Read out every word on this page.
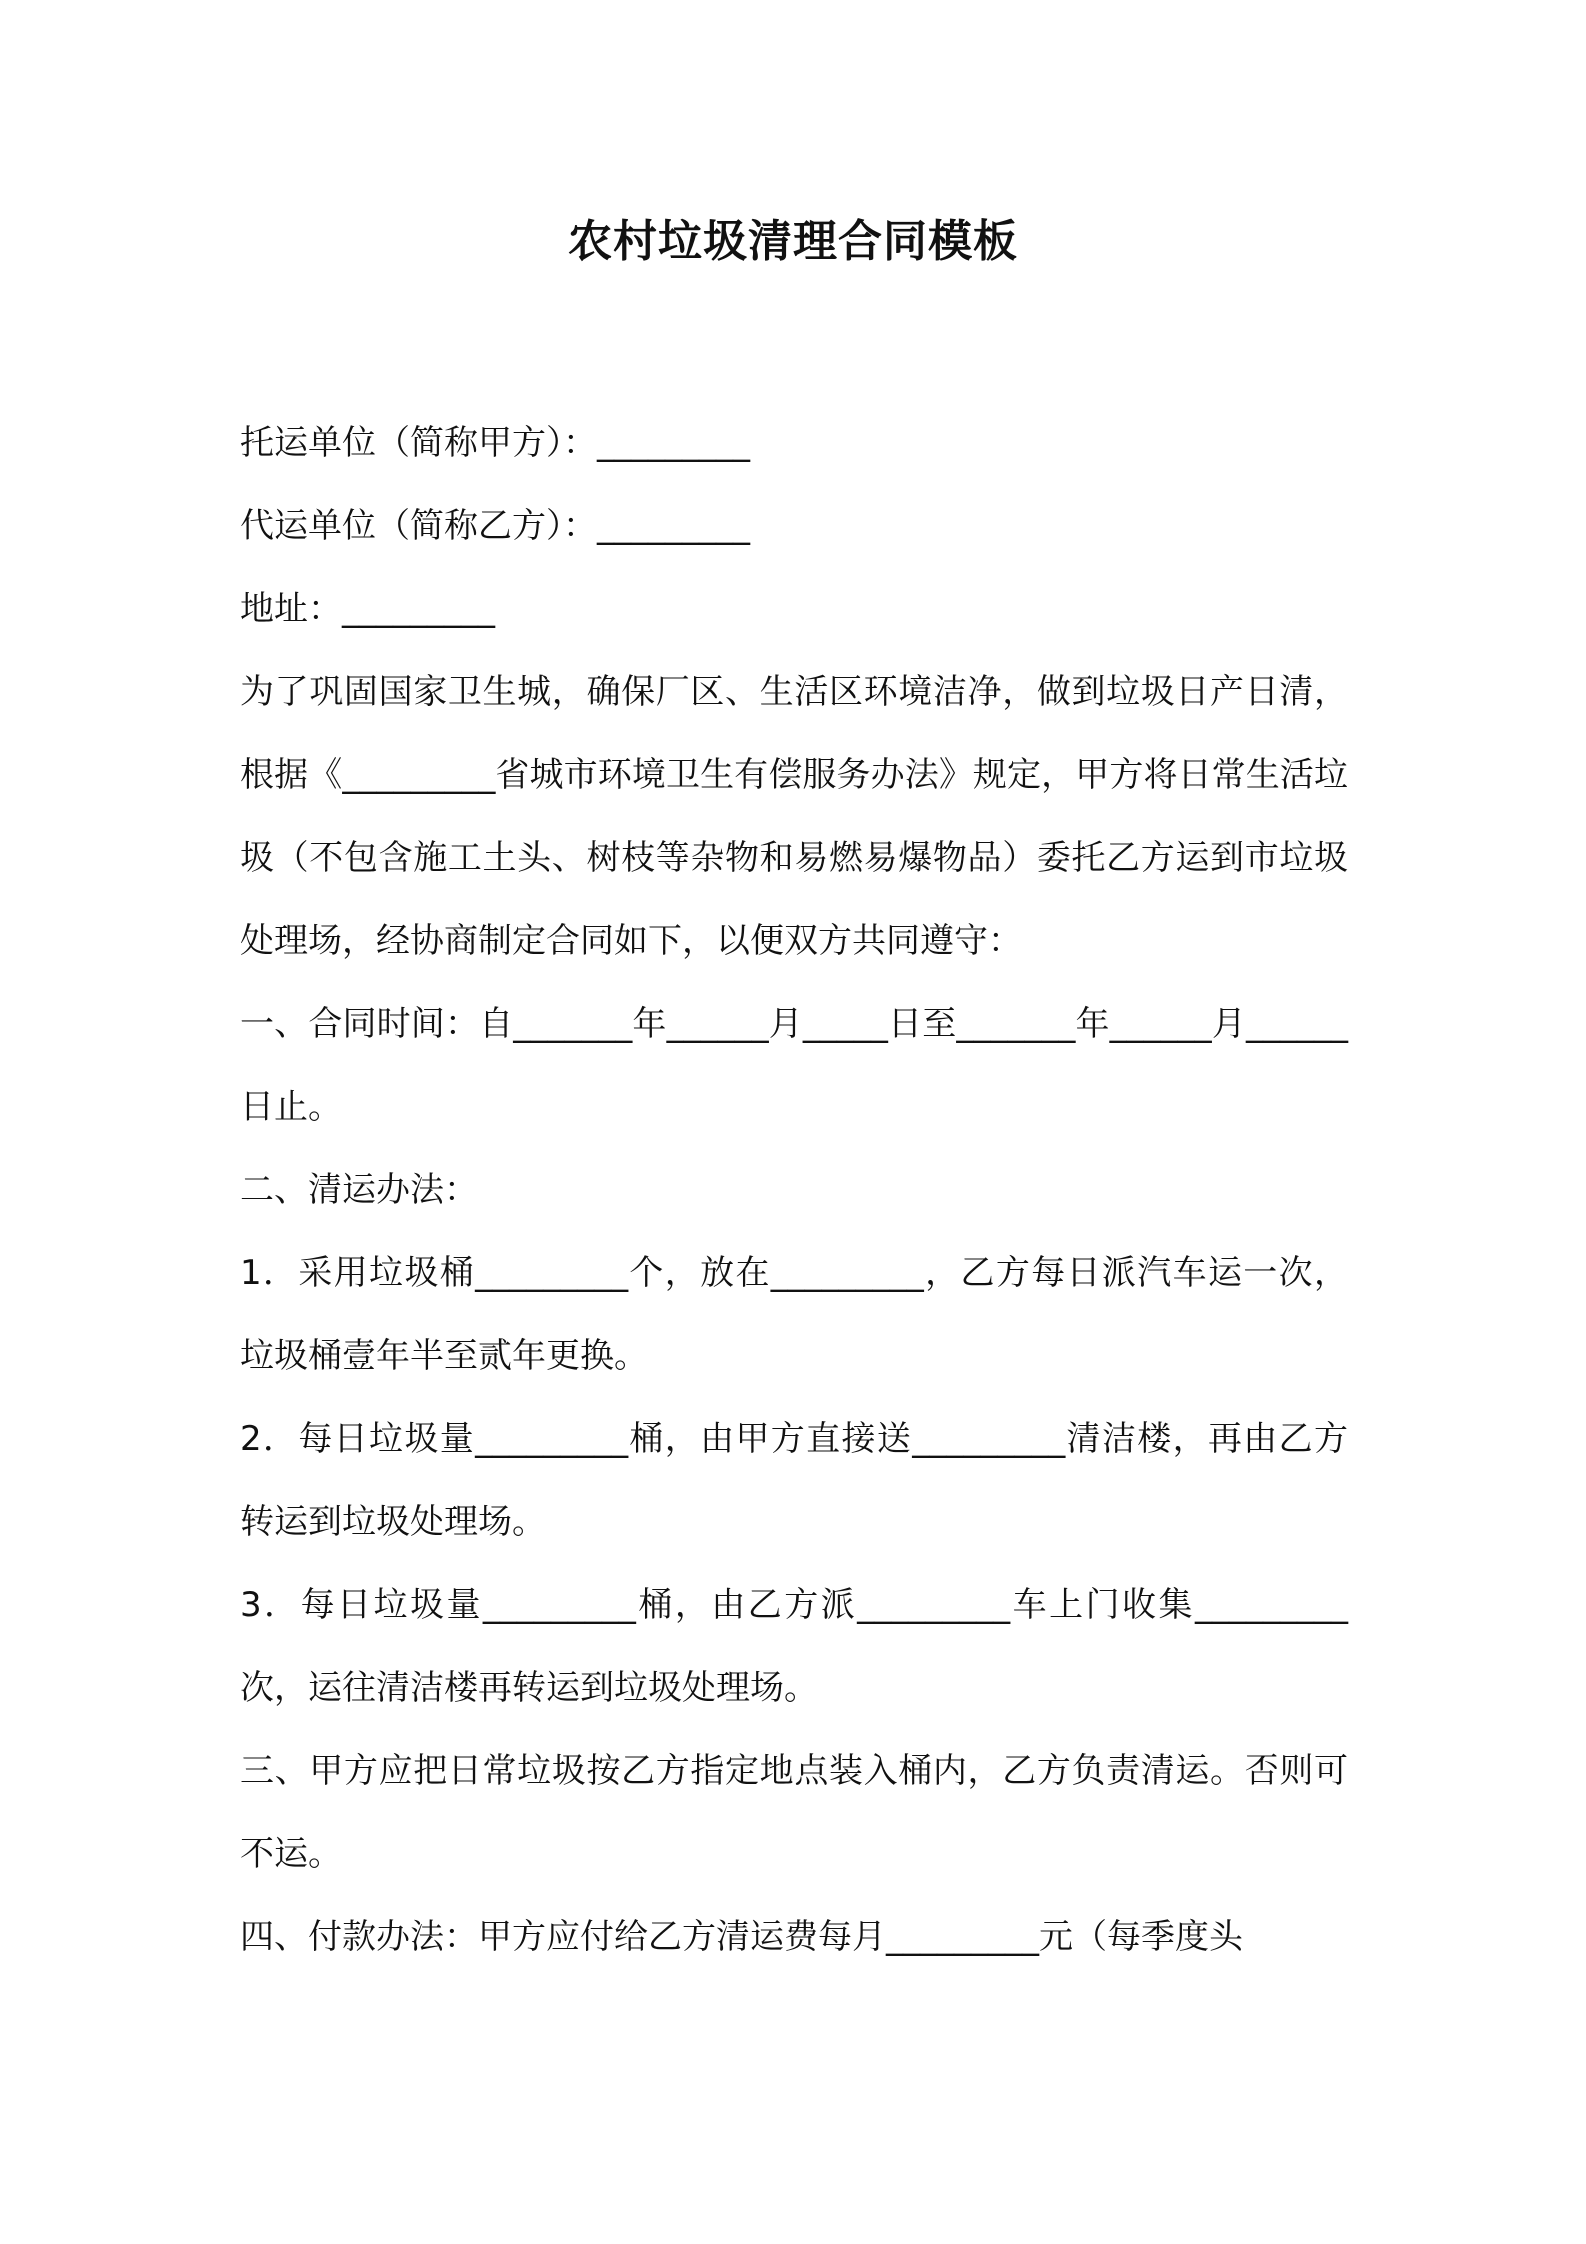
农村垃圾清理合同模板

托运单位（简称甲方）：_________

代运单位（简称乙方）：_________

地址：_________

为了巩固国家卫生城，确保厂区、生活区环境洁净，做到垃圾日产日清，根据《_________省城市环境卫生有偿服务办法》规定，甲方将日常生活垃圾（不包含施工土头、树枝等杂物和易燃易爆物品）委托乙方运到市垃圾处理场，经协商制定合同如下，以便双方共同遵守：

一、合同时间：自_______年______月_____日至_______年______月______日止。

二、清运办法：

1．采用垃圾桶_________个，放在_________，乙方每日派汽车运一次，垃圾桶壹年半至贰年更换。

2．每日垃圾量_________桶，由甲方直接送_________清洁楼，再由乙方转运到垃圾处理场。

3．每日垃圾量_________桶，由乙方派_________车上门收集_________次，运往清洁楼再转运到垃圾处理场。

三、甲方应把日常垃圾按乙方指定地点装入桶内，乙方负责清运。否则可不运。

四、付款办法：甲方应付给乙方清运费每月_________元（每季度头
